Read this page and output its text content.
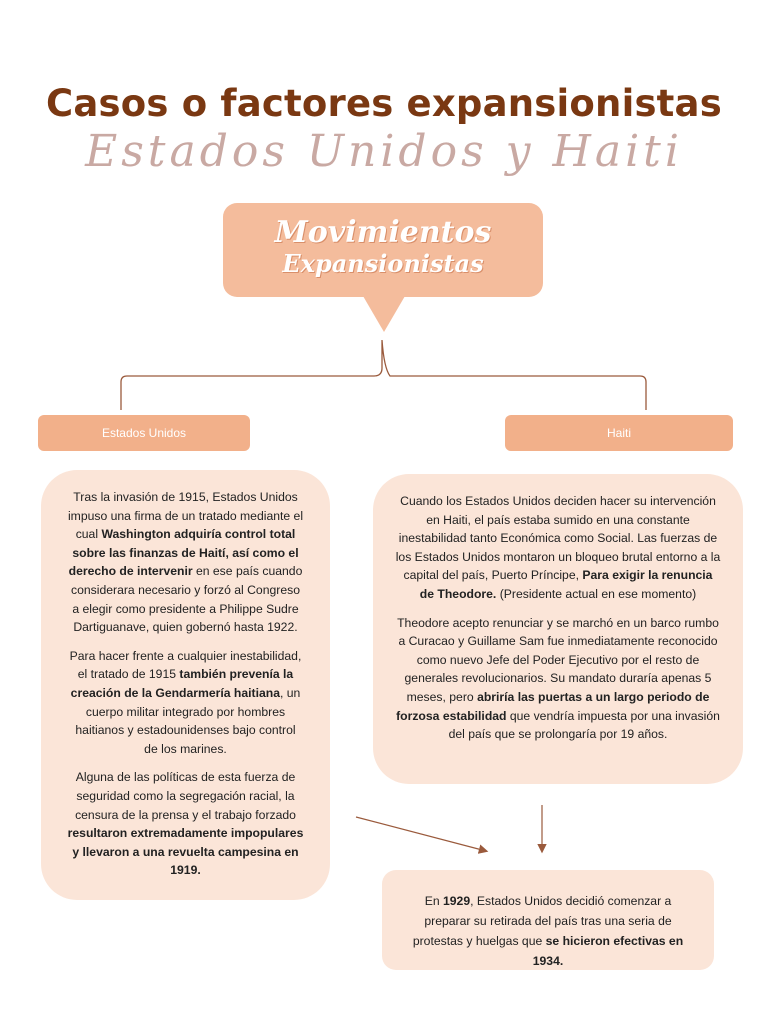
Casos o factores expansionistas
Estados Unidos y Haiti
Movimientos
Expansionistas
Estados Unidos	Haiti

Tras la invasión de 1915, Estados Unidos impuso una firma de un tratado mediante el cual Washington adquiría control total sobre las finanzas de Haití, así como el derecho de intervenir en ese país cuando considerara necesario y forzó al Congreso a elegir como presidente a Philippe Sudre Dartiguanave, quien gobernó hasta 1922.

Para hacer frente a cualquier inestabilidad, el tratado de 1915 también prevenía la creación de la Gendarmería haitiana, un cuerpo militar integrado por hombres haitianos y estadounidenses bajo control de los marines.

Alguna de las políticas de esta fuerza de seguridad como la segregación racial, la censura de la prensa y el trabajo forzado resultaron extremadamente impopulares y llevaron a una revuelta campesina en 1919.

Cuando los Estados Unidos deciden hacer su intervención en Haiti, el país estaba sumido en una constante inestabilidad tanto Económica como Social. Las fuerzas de los Estados Unidos montaron un bloqueo brutal entorno a la capital del país, Puerto Príncipe, Para exigir la renuncia de Theodore. (Presidente actual en ese momento)

Theodore acepto renunciar y se marchó en un barco rumbo a Curacao y Guillame Sam fue inmediatamente reconocido como nuevo Jefe del Poder Ejecutivo por el resto de generales revolucionarios. Su mandato duraría apenas 5 meses, pero abriría las puertas a un largo periodo de forzosa estabilidad que vendría impuesta por una invasión del país que se prolongaría por 19 años.

En 1929, Estados Unidos decidió comenzar a preparar su retirada del país tras una seria de protestas y huelgas que se hicieron efectivas en 1934.
